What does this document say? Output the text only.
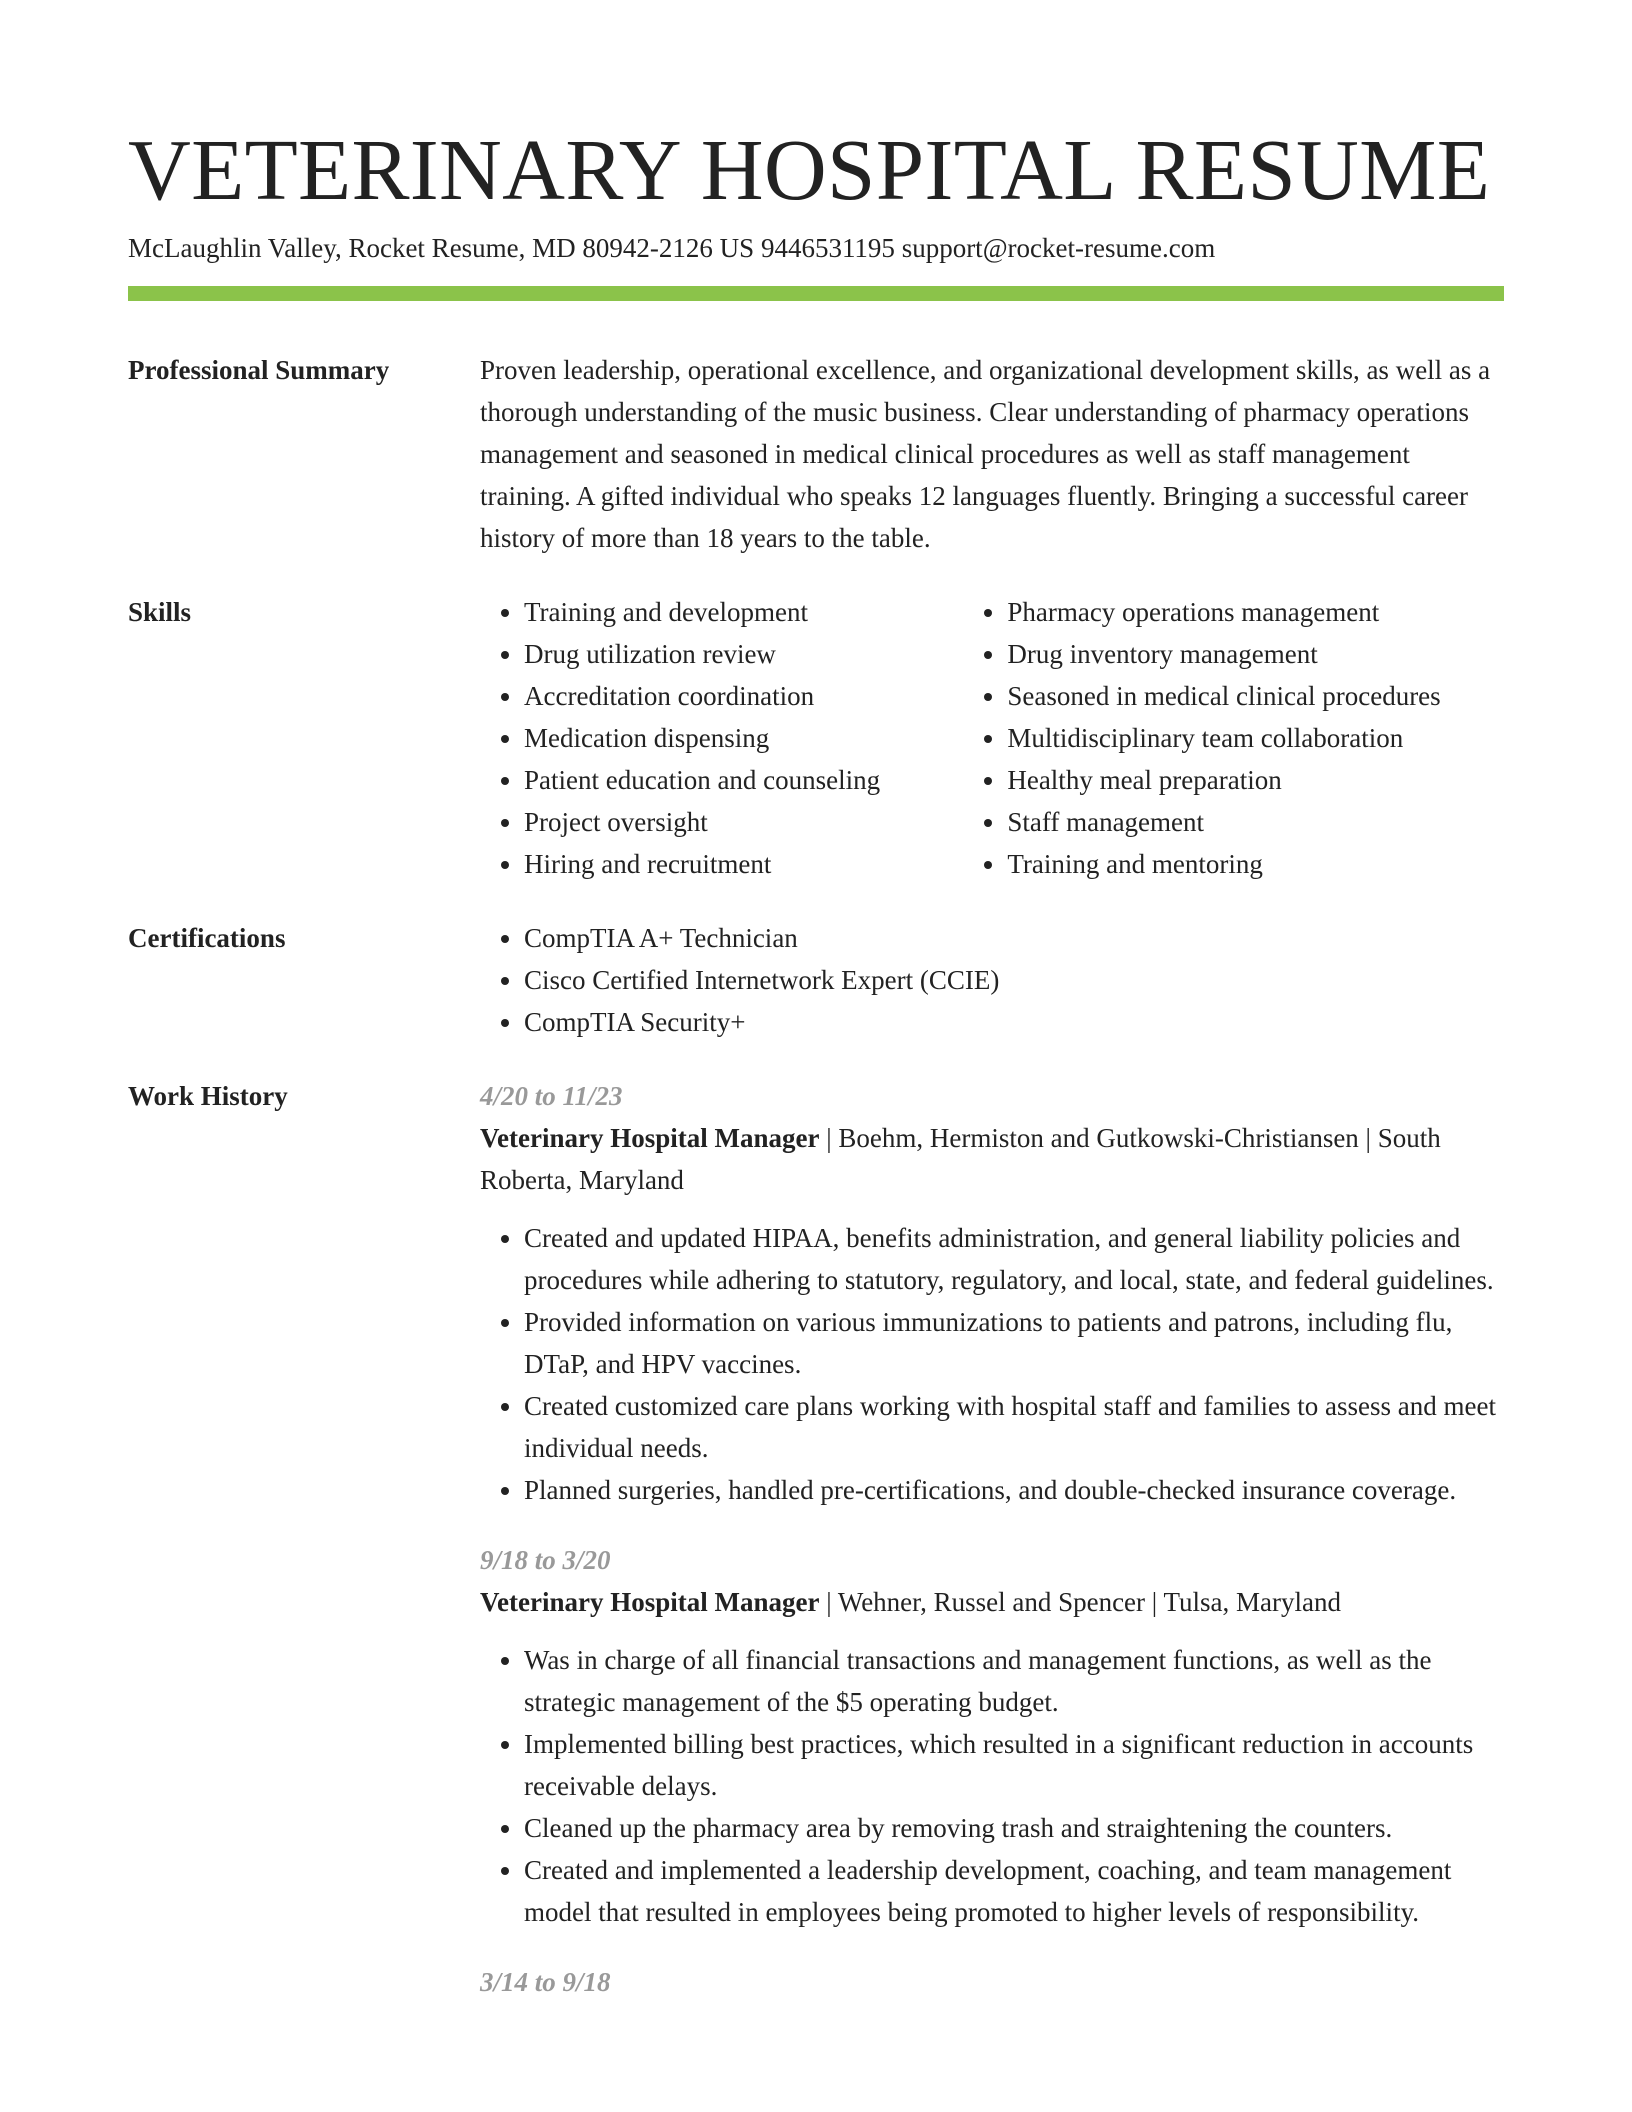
VETERINARY HOSPITAL RESUME
McLaughlin Valley, Rocket Resume, MD 80942-2126 US 9446531195 support@rocket-resume.com
Professional Summary	Proven leadership, operational excellence, and organizational development skills, as well as a thorough understanding of the music business. Clear understanding of pharmacy operations management and seasoned in medical clinical procedures as well as staff management training. A gifted individual who speaks 12 languages fluently. Bringing a successful career history of more than 18 years to the table.

Skills	• Training and development
• Drug utilization review
• Accreditation coordination
• Medication dispensing
• Patient education and counseling
• Project oversight
• Hiring and recruitment
• Pharmacy operations management
• Drug inventory management
• Seasoned in medical clinical procedures
• Multidisciplinary team collaboration
• Healthy meal preparation
• Staff management
• Training and mentoring
Certifications	• CompTIA A+ Technician
• Cisco Certified Internetwork Expert (CCIE)
• CompTIA Security+
Work History	4/20 to 11/23
Veterinary Hospital Manager | Boehm, Hermiston and Gutkowski-Christiansen | South Roberta, Maryland
• Created and updated HIPAA, benefits administration, and general liability policies and procedures while adhering to statutory, regulatory, and local, state, and federal guidelines.
• Provided information on various immunizations to patients and patrons, including flu, DTaP, and HPV vaccines.
• Created customized care plans working with hospital staff and families to assess and meet individual needs.
• Planned surgeries, handled pre-certifications, and double-checked insurance coverage.
9/18 to 3/20
Veterinary Hospital Manager | Wehner, Russel and Spencer | Tulsa, Maryland
• Was in charge of all financial transactions and management functions, as well as the strategic management of the $5 operating budget.
• Implemented billing best practices, which resulted in a significant reduction in accounts receivable delays.
• Cleaned up the pharmacy area by removing trash and straightening the counters.
• Created and implemented a leadership development, coaching, and team management model that resulted in employees being promoted to higher levels of responsibility.
3/14 to 9/18
